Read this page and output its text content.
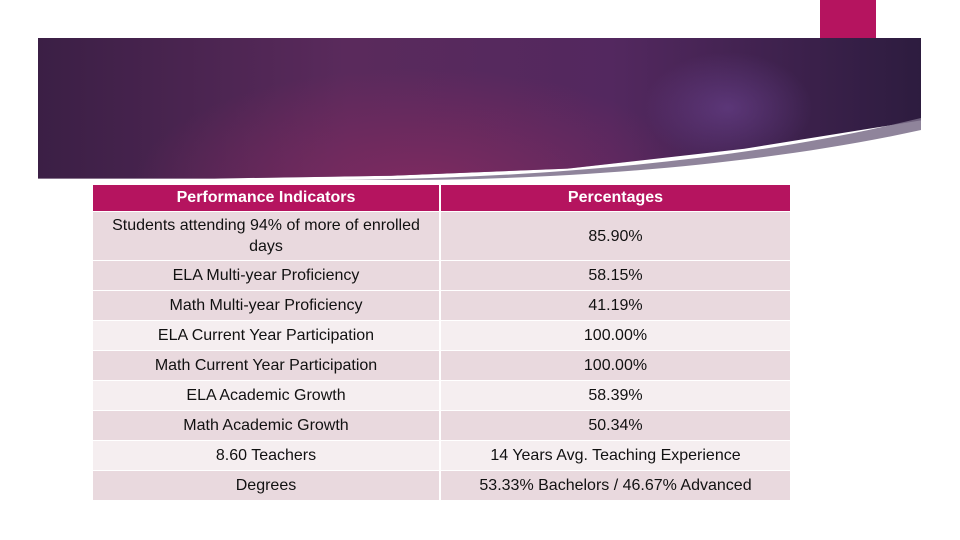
Performance Indicators	Percentages
Students attending 94% of more of enrolled days	85.90%
ELA Multi-year Proficiency	58.15%
Math Multi-year Proficiency	41.19%
ELA Current Year Participation	100.00%
Math Current Year Participation	100.00%
ELA Academic Growth	58.39%
Math Academic Growth	50.34%
8.60 Teachers	14 Years Avg. Teaching Experience
Degrees	53.33% Bachelors / 46.67% Advanced
